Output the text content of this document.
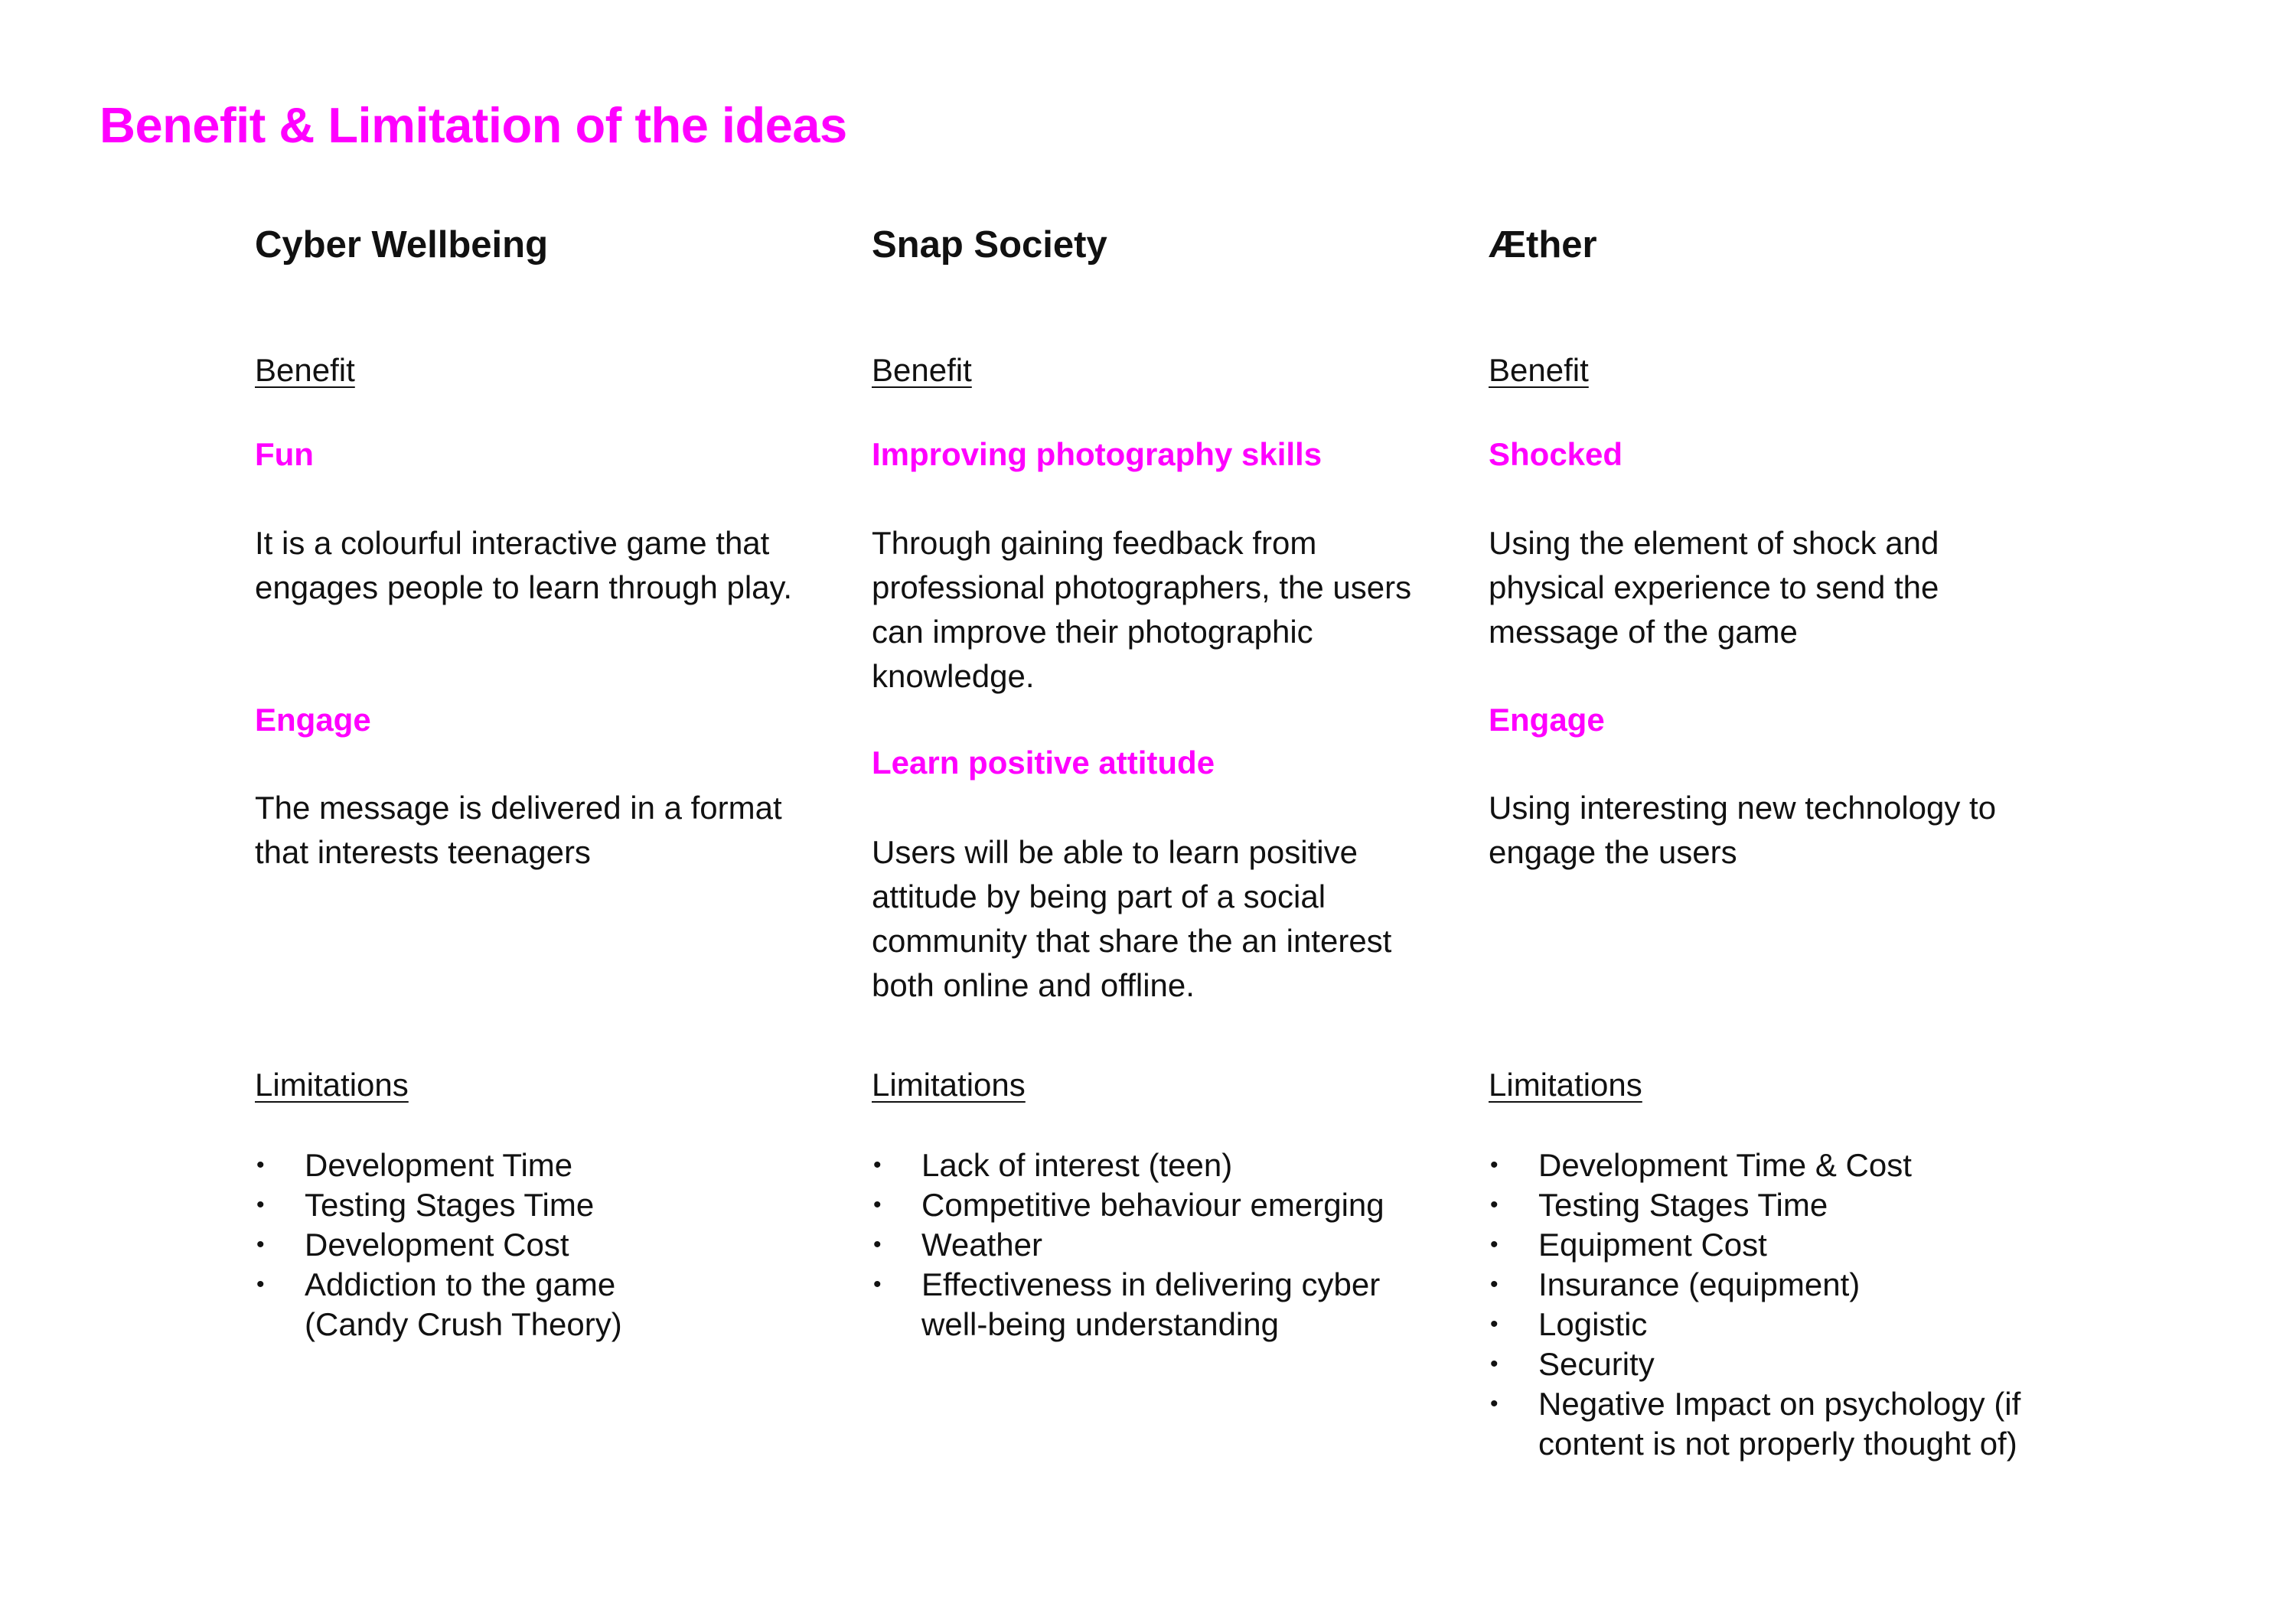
Benefit & Limitation of the ideas
Cyber Wellbeing
Benefit
Fun

It is a colourful interactive game that engages people to learn through play.

Engage

The message is delivered in a format that interests teenagers

Limitations
• Development Time
• Testing Stages Time
• Development Cost
• Addiction to the game (Candy Crush Theory)
Snap Society
Benefit
Improving photography skills

Through gaining feedback from professional photographers, the users can improve their photographic knowledge.

Learn positive attitude

Users will be able to learn positive attitude by being part of a social community that share the an interest both online and offline.

Limitations
• Lack of interest (teen)
• Competitive behaviour emerging
• Weather
• Effectiveness in delivering cyber well-being understanding
Æther
Benefit
Shocked

Using the element of shock and physical experience to send the message of the game

Engage

Using interesting new technology to engage the users

Limitations
• Development Time & Cost
• Testing Stages Time
• Equipment Cost
• Insurance (equipment)
• Logistic
• Security
• Negative Impact on psychology (if content is not properly thought of)
